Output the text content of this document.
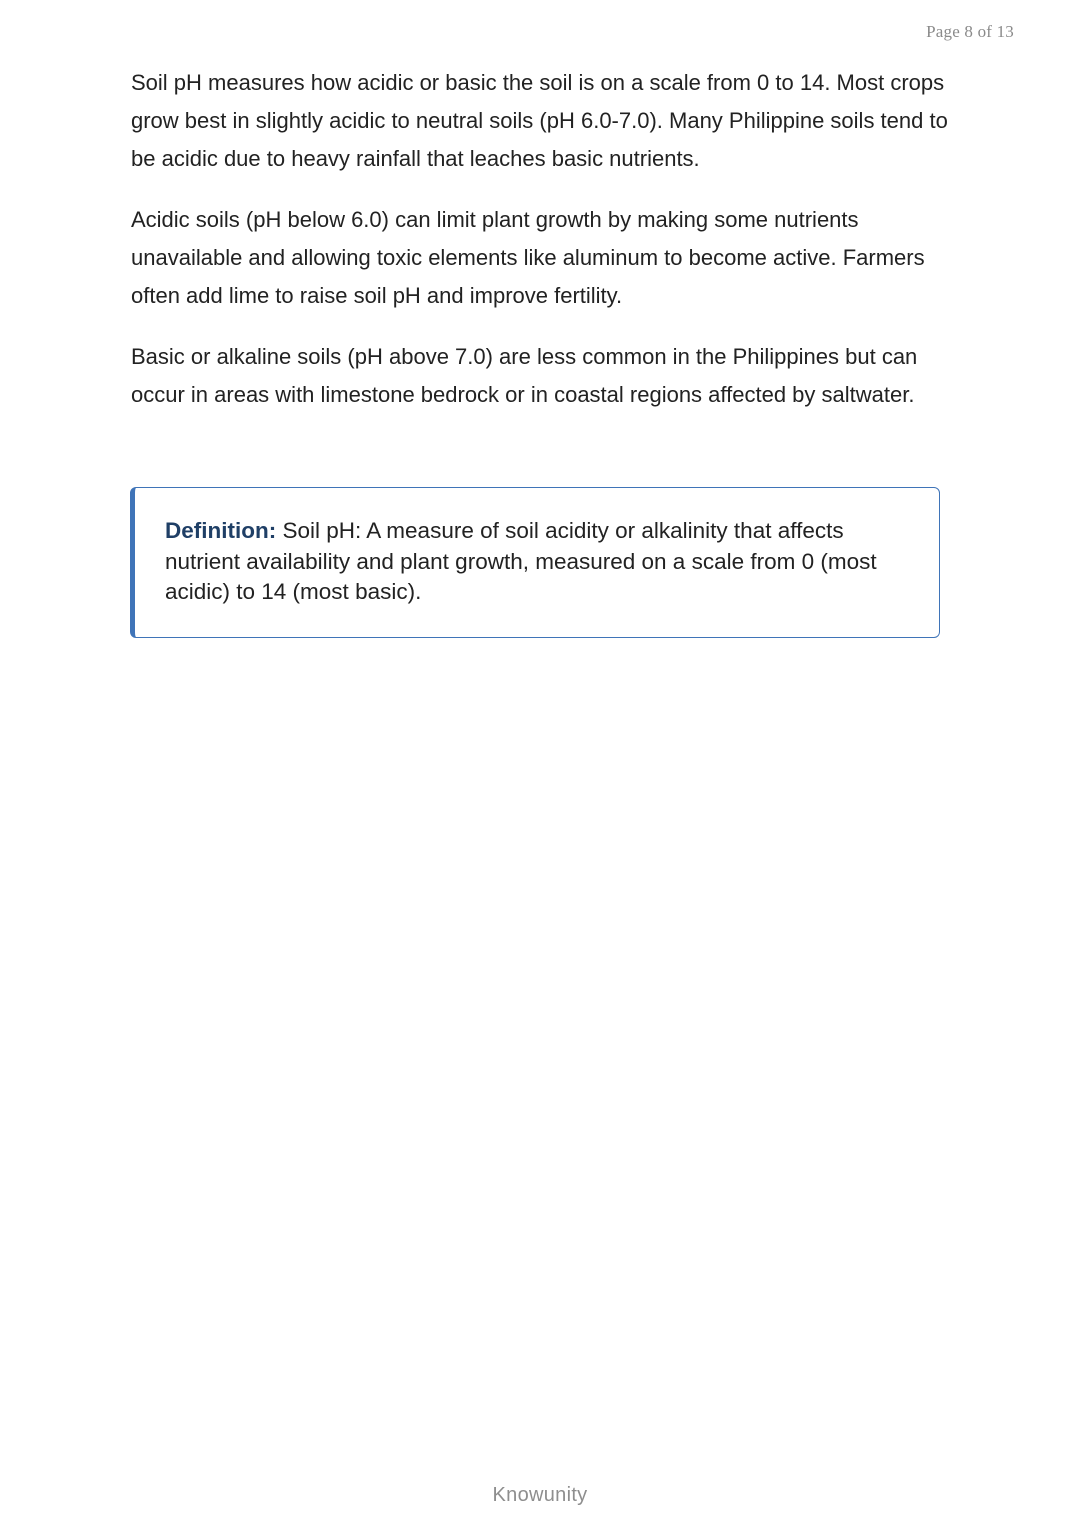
Page 8 of 13

Soil pH measures how acidic or basic the soil is on a scale from 0 to 14. Most crops grow best in slightly acidic to neutral soils (pH 6.0-7.0). Many Philippine soils tend to be acidic due to heavy rainfall that leaches basic nutrients.

Acidic soils (pH below 6.0) can limit plant growth by making some nutrients unavailable and allowing toxic elements like aluminum to become active. Farmers often add lime to raise soil pH and improve fertility.

Basic or alkaline soils (pH above 7.0) are less common in the Philippines but can occur in areas with limestone bedrock or in coastal regions affected by saltwater.

Definition: Soil pH: A measure of soil acidity or alkalinity that affects nutrient availability and plant growth, measured on a scale from 0 (most acidic) to 14 (most basic).

Knowunity
